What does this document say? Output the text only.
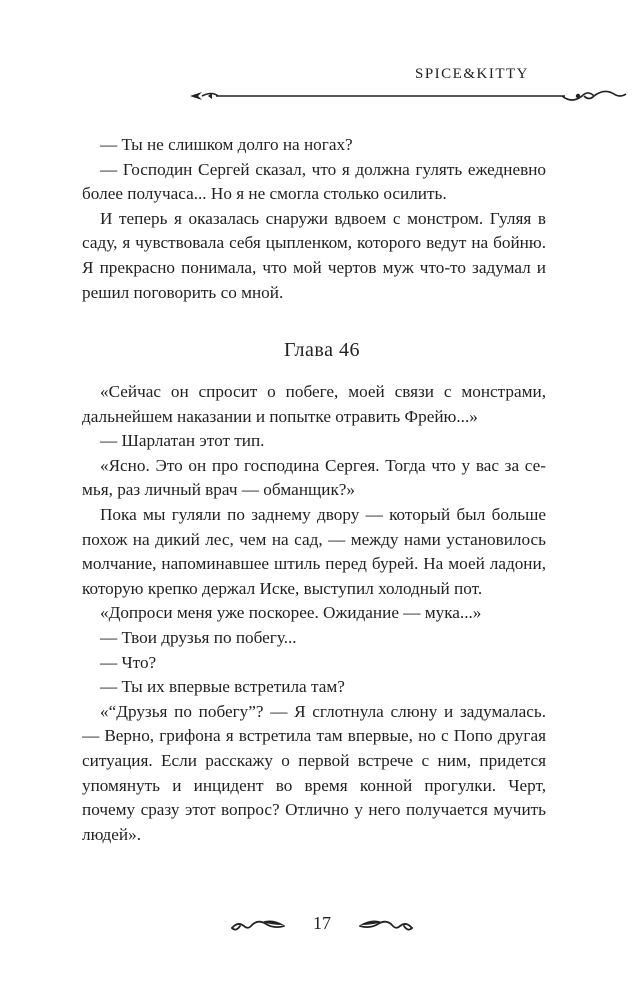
SPICE&KITTY

— Ты не слишком долго на ногах?

— Господин Сергей сказал, что я должна гулять ежедневно более получаса... Но я не смогла столько осилить.

И теперь я оказалась снаружи вдвоем с монстром. Гуляя в саду, я чувствовала себя цыпленком, которого ведут на бойню. Я прекрасно понимала, что мой чертов муж что-то задумал и решил поговорить со мной.

Глава 46

«Сейчас он спросит о побеге, моей связи с монстрами, дальнейшем наказании и попытке отравить Фрейю...»

— Шарлатан этот тип.

«Ясно. Это он про господина Сергея. Тогда что у вас за семья, раз личный врач — обманщик?»

Пока мы гуляли по заднему двору — который был больше похож на дикий лес, чем на сад, — между нами установилось молчание, напоминавшее штиль перед бурей. На моей ладони, которую крепко держал Иске, выступил холодный пот.

«Допроси меня уже поскорее. Ожидание — мука...»

— Твои друзья по побегу...

— Что?

— Ты их впервые встретила там?

«“Друзья по побегу”? — Я сглотнула слюну и задумалась. — Верно, грифона я встретила там впервые, но с Попо другая ситуация. Если расскажу о первой встрече с ним, придется упомянуть и инцидент во время конной прогулки. Черт, почему сразу этот вопрос? Отлично у него получается мучить людей».

17
